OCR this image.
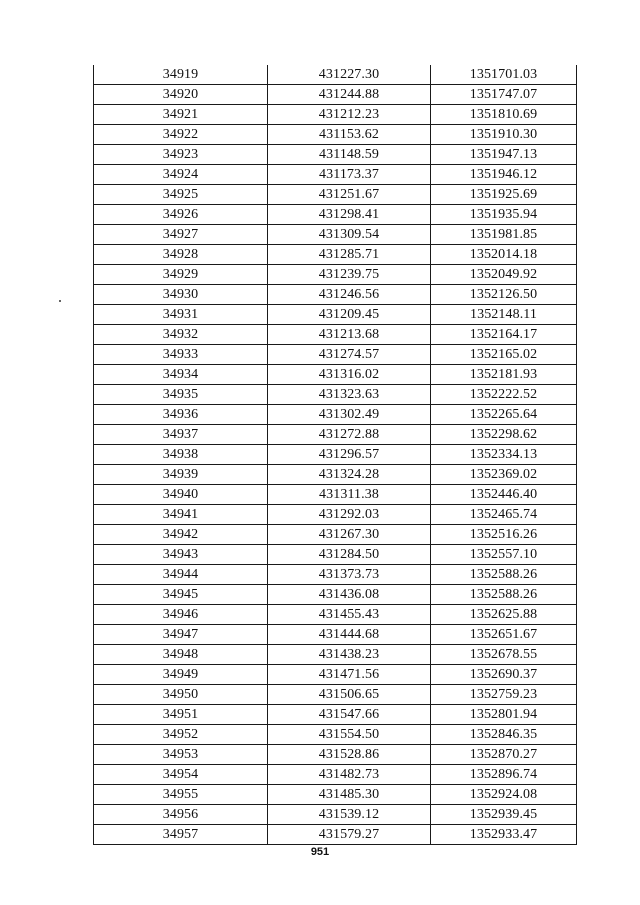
34919	431227.30	1351701.03
34920	431244.88	1351747.07
34921	431212.23	1351810.69
34922	431153.62	1351910.30
34923	431148.59	1351947.13
34924	431173.37	1351946.12
34925	431251.67	1351925.69
34926	431298.41	1351935.94
34927	431309.54	1351981.85
34928	431285.71	1352014.18
34929	431239.75	1352049.92
34930	431246.56	1352126.50
34931	431209.45	1352148.11
34932	431213.68	1352164.17
34933	431274.57	1352165.02
34934	431316.02	1352181.93
34935	431323.63	1352222.52
34936	431302.49	1352265.64
34937	431272.88	1352298.62
34938	431296.57	1352334.13
34939	431324.28	1352369.02
34940	431311.38	1352446.40
34941	431292.03	1352465.74
34942	431267.30	1352516.26
34943	431284.50	1352557.10
34944	431373.73	1352588.26
34945	431436.08	1352588.26
34946	431455.43	1352625.88
34947	431444.68	1352651.67
34948	431438.23	1352678.55
34949	431471.56	1352690.37
34950	431506.65	1352759.23
34951	431547.66	1352801.94
34952	431554.50	1352846.35
34953	431528.86	1352870.27
34954	431482.73	1352896.74
34955	431485.30	1352924.08
34956	431539.12	1352939.45
34957	431579.27	1352933.47
951
